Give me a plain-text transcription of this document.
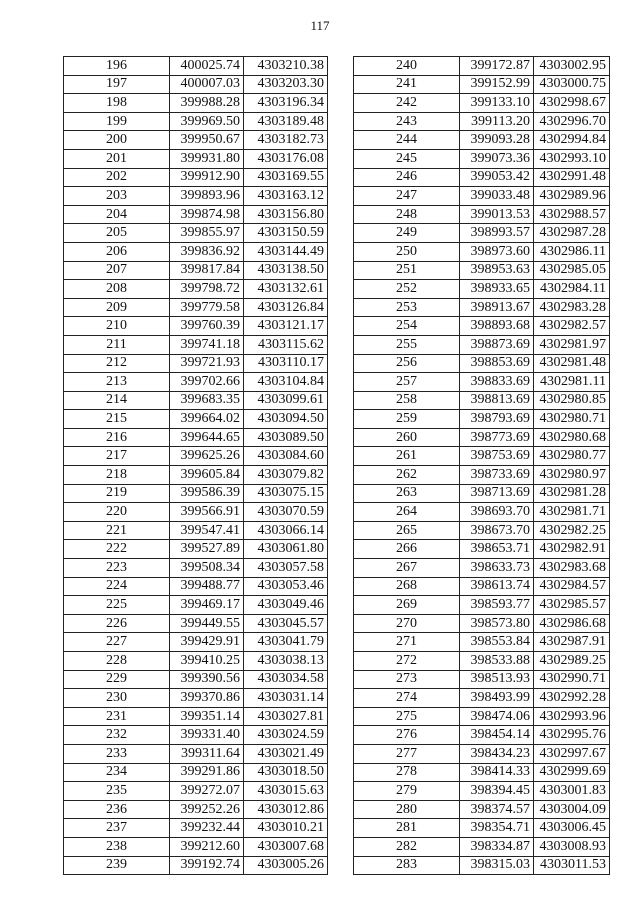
117
196	400025.74	4303210.38
197	400007.03	4303203.30
198	399988.28	4303196.34
199	399969.50	4303189.48
200	399950.67	4303182.73
201	399931.80	4303176.08
202	399912.90	4303169.55
203	399893.96	4303163.12
204	399874.98	4303156.80
205	399855.97	4303150.59
206	399836.92	4303144.49
207	399817.84	4303138.50
208	399798.72	4303132.61
209	399779.58	4303126.84
210	399760.39	4303121.17
211	399741.18	4303115.62
212	399721.93	4303110.17
213	399702.66	4303104.84
214	399683.35	4303099.61
215	399664.02	4303094.50
216	399644.65	4303089.50
217	399625.26	4303084.60
218	399605.84	4303079.82
219	399586.39	4303075.15
220	399566.91	4303070.59
221	399547.41	4303066.14
222	399527.89	4303061.80
223	399508.34	4303057.58
224	399488.77	4303053.46
225	399469.17	4303049.46
226	399449.55	4303045.57
227	399429.91	4303041.79
228	399410.25	4303038.13
229	399390.56	4303034.58
230	399370.86	4303031.14
231	399351.14	4303027.81
232	399331.40	4303024.59
233	399311.64	4303021.49
234	399291.86	4303018.50
235	399272.07	4303015.63
236	399252.26	4303012.86
237	399232.44	4303010.21
238	399212.60	4303007.68
239	399192.74	4303005.26
240	399172.87	4303002.95
241	399152.99	4303000.75
242	399133.10	4302998.67
243	399113.20	4302996.70
244	399093.28	4302994.84
245	399073.36	4302993.10
246	399053.42	4302991.48
247	399033.48	4302989.96
248	399013.53	4302988.57
249	398993.57	4302987.28
250	398973.60	4302986.11
251	398953.63	4302985.05
252	398933.65	4302984.11
253	398913.67	4302983.28
254	398893.68	4302982.57
255	398873.69	4302981.97
256	398853.69	4302981.48
257	398833.69	4302981.11
258	398813.69	4302980.85
259	398793.69	4302980.71
260	398773.69	4302980.68
261	398753.69	4302980.77
262	398733.69	4302980.97
263	398713.69	4302981.28
264	398693.70	4302981.71
265	398673.70	4302982.25
266	398653.71	4302982.91
267	398633.73	4302983.68
268	398613.74	4302984.57
269	398593.77	4302985.57
270	398573.80	4302986.68
271	398553.84	4302987.91
272	398533.88	4302989.25
273	398513.93	4302990.71
274	398493.99	4302992.28
275	398474.06	4302993.96
276	398454.14	4302995.76
277	398434.23	4302997.67
278	398414.33	4302999.69
279	398394.45	4303001.83
280	398374.57	4303004.09
281	398354.71	4303006.45
282	398334.87	4303008.93
283	398315.03	4303011.53
